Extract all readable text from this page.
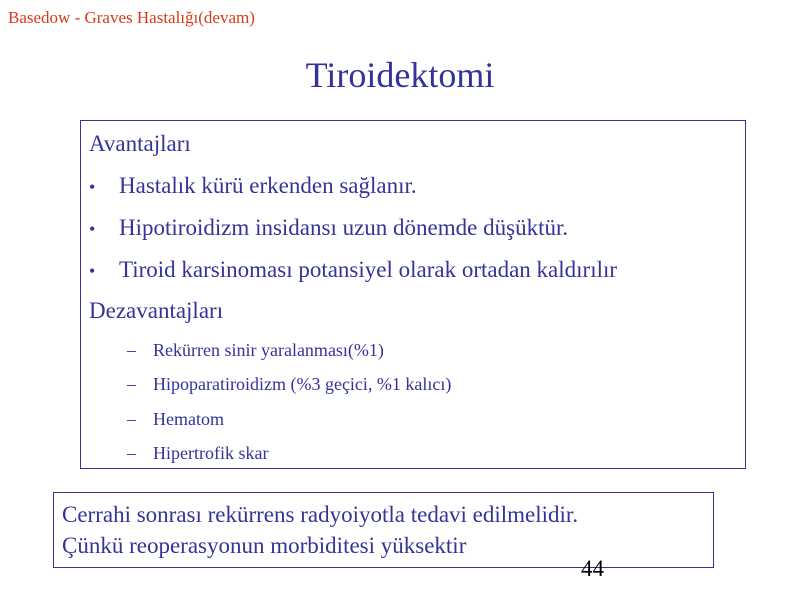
Basedow - Graves Hastalığı(devam)
Tiroidektomi
Avantajları
• Hastalık kürü erkenden sağlanır.
• Hipotiroidizm insidansı uzun dönemde düşüktür.
• Tiroid karsinoması potansiyel olarak ortadan kaldırılır
Dezavantajları
– Rekürren sinir yaralanması(%1)
– Hipoparatiroidizm (%3 geçici, %1 kalıcı)
– Hematom
– Hipertrofik skar
Cerrahi sonrası rekürrens radyoiyotla tedavi edilmelidir.
Çünkü reoperasyonun morbiditesi yüksektir
44
